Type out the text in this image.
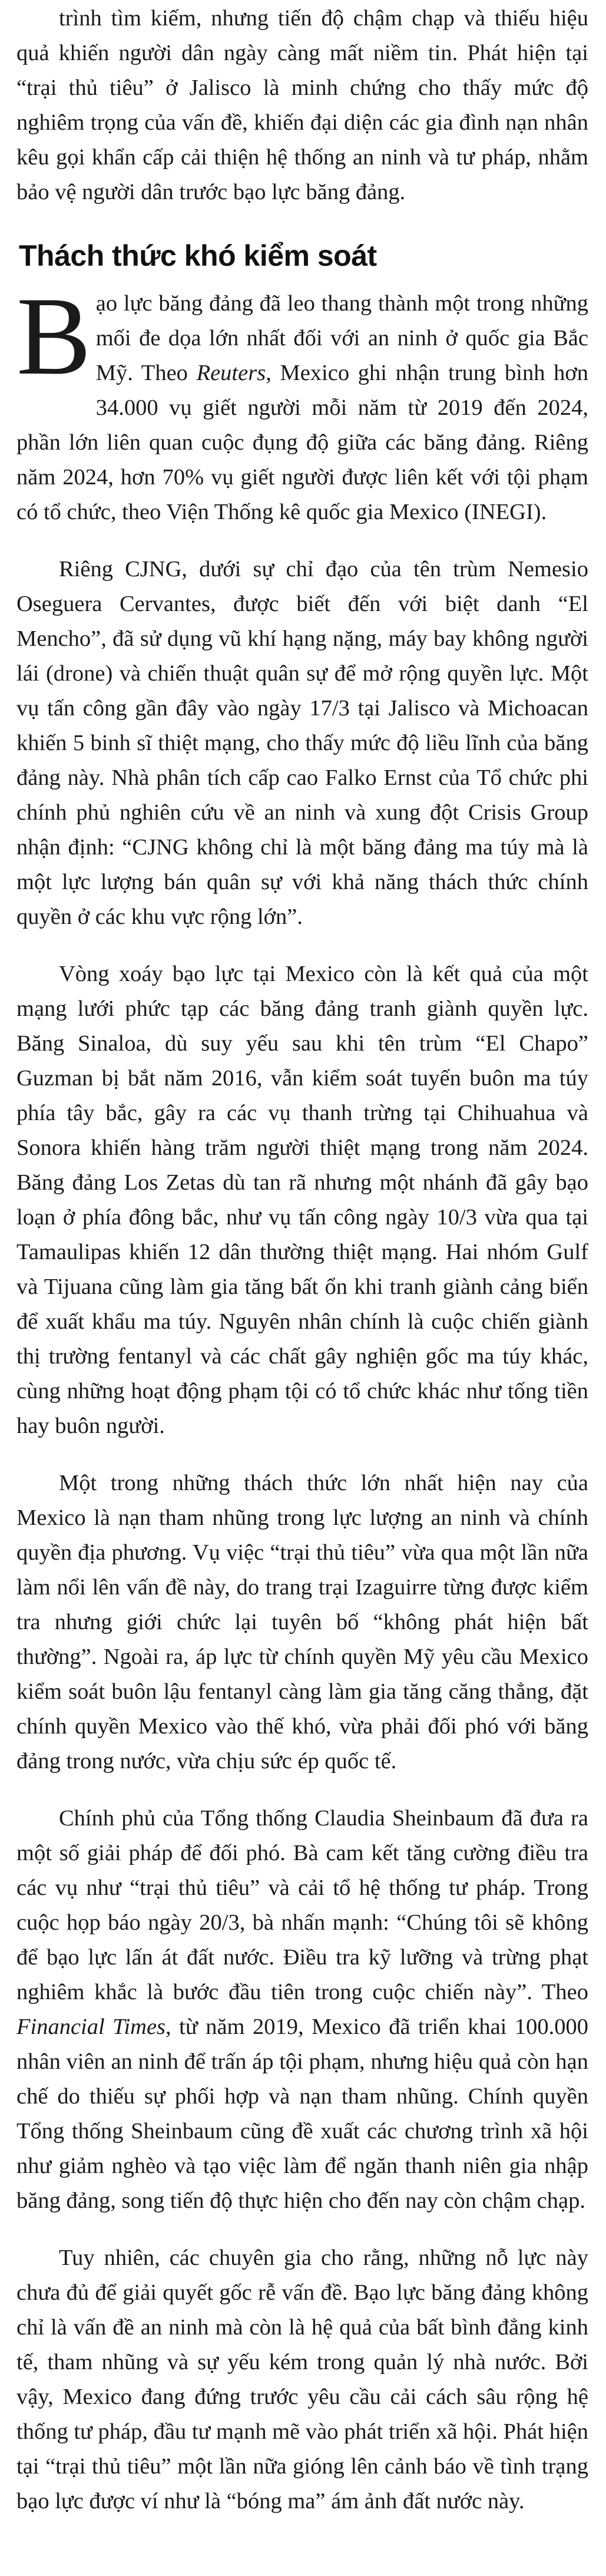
trình tìm kiếm, nhưng tiến độ chậm chạp và thiếu hiệu quả khiến người dân ngày càng mất niềm tin. Phát hiện tại “trại thủ tiêu” ở Jalisco là minh chứng cho thấy mức độ nghiêm trọng của vấn đề, khiến đại diện các gia đình nạn nhân kêu gọi khẩn cấp cải thiện hệ thống an ninh và tư pháp, nhằm bảo vệ người dân trước bạo lực băng đảng.

Thách thức khó kiểm soát

Bạo lực băng đảng đã leo thang thành một trong những mối đe dọa lớn nhất đối với an ninh ở quốc gia Bắc Mỹ. Theo Reuters, Mexico ghi nhận trung bình hơn 34.000 vụ giết người mỗi năm từ 2019 đến 2024, phần lớn liên quan cuộc đụng độ giữa các băng đảng. Riêng năm 2024, hơn 70% vụ giết người được liên kết với tội phạm có tổ chức, theo Viện Thống kê quốc gia Mexico (INEGI).

Riêng CJNG, dưới sự chỉ đạo của tên trùm Nemesio Oseguera Cervantes, được biết đến với biệt danh “El Mencho”, đã sử dụng vũ khí hạng nặng, máy bay không người lái (drone) và chiến thuật quân sự để mở rộng quyền lực. Một vụ tấn công gần đây vào ngày 17/3 tại Jalisco và Michoacan khiến 5 binh sĩ thiệt mạng, cho thấy mức độ liều lĩnh của băng đảng này. Nhà phân tích cấp cao Falko Ernst của Tổ chức phi chính phủ nghiên cứu về an ninh và xung đột Crisis Group nhận định: “CJNG không chỉ là một băng đảng ma túy mà là một lực lượng bán quân sự với khả năng thách thức chính quyền ở các khu vực rộng lớn”.

Vòng xoáy bạo lực tại Mexico còn là kết quả của một mạng lưới phức tạp các băng đảng tranh giành quyền lực. Băng Sinaloa, dù suy yếu sau khi tên trùm “El Chapo” Guzman bị bắt năm 2016, vẫn kiểm soát tuyến buôn ma túy phía tây bắc, gây ra các vụ thanh trừng tại Chihuahua và Sonora khiến hàng trăm người thiệt mạng trong năm 2024. Băng đảng Los Zetas dù tan rã nhưng một nhánh đã gây bạo loạn ở phía đông bắc, như vụ tấn công ngày 10/3 vừa qua tại Tamaulipas khiến 12 dân thường thiệt mạng. Hai nhóm Gulf và Tijuana cũng làm gia tăng bất ổn khi tranh giành cảng biển để xuất khẩu ma túy. Nguyên nhân chính là cuộc chiến giành thị trường fentanyl và các chất gây nghiện gốc ma túy khác, cùng những hoạt động phạm tội có tổ chức khác như tống tiền hay buôn người.

Một trong những thách thức lớn nhất hiện nay của Mexico là nạn tham nhũng trong lực lượng an ninh và chính quyền địa phương. Vụ việc “trại thủ tiêu” vừa qua một lần nữa làm nổi lên vấn đề này, do trang trại Izaguirre từng được kiểm tra nhưng giới chức lại tuyên bố “không phát hiện bất thường”. Ngoài ra, áp lực từ chính quyền Mỹ yêu cầu Mexico kiểm soát buôn lậu fentanyl càng làm gia tăng căng thẳng, đặt chính quyền Mexico vào thế khó, vừa phải đối phó với băng đảng trong nước, vừa chịu sức ép quốc tế.

Chính phủ của Tổng thống Claudia Sheinbaum đã đưa ra một số giải pháp để đối phó. Bà cam kết tăng cường điều tra các vụ như “trại thủ tiêu” và cải tổ hệ thống tư pháp. Trong cuộc họp báo ngày 20/3, bà nhấn mạnh: “Chúng tôi sẽ không để bạo lực lấn át đất nước. Điều tra kỹ lưỡng và trừng phạt nghiêm khắc là bước đầu tiên trong cuộc chiến này”. Theo Financial Times, từ năm 2019, Mexico đã triển khai 100.000 nhân viên an ninh để trấn áp tội phạm, nhưng hiệu quả còn hạn chế do thiếu sự phối hợp và nạn tham nhũng. Chính quyền Tổng thống Sheinbaum cũng đề xuất các chương trình xã hội như giảm nghèo và tạo việc làm để ngăn thanh niên gia nhập băng đảng, song tiến độ thực hiện cho đến nay còn chậm chạp.

Tuy nhiên, các chuyên gia cho rằng, những nỗ lực này chưa đủ để giải quyết gốc rễ vấn đề. Bạo lực băng đảng không chỉ là vấn đề an ninh mà còn là hệ quả của bất bình đẳng kinh tế, tham nhũng và sự yếu kém trong quản lý nhà nước. Bởi vậy, Mexico đang đứng trước yêu cầu cải cách sâu rộng hệ thống tư pháp, đầu tư mạnh mẽ vào phát triển xã hội. Phát hiện tại “trại thủ tiêu” một lần nữa gióng lên cảnh báo về tình trạng bạo lực được ví như là “bóng ma” ám ảnh đất nước này.
